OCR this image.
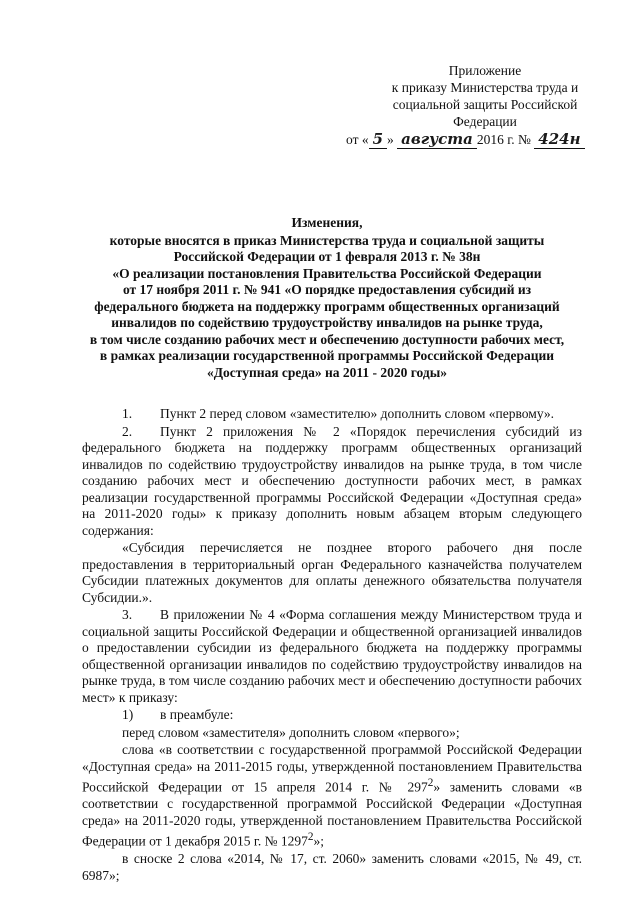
Приложение
к приказу Министерства труда и
социальной защиты Российской
Федерации
от « 5 » августа 2016 г. № 424н
Изменения,
которые вносятся в приказ Министерства труда и социальной защиты
Российской Федерации от 1 февраля 2013 г. № 38н
«О реализации постановления Правительства Российской Федерации
от 17 ноября 2011 г. № 941 «О порядке предоставления субсидий из
федерального бюджета на поддержку программ общественных организаций
инвалидов по содействию трудоустройству инвалидов на рынке труда,
в том числе созданию рабочих мест и обеспечению доступности рабочих мест,
в рамках реализации государственной программы Российской Федерации
«Доступная среда» на 2011 - 2020 годы»

1. Пункт 2 перед словом «заместителю» дополнить словом «первому».

2. Пункт 2 приложения № 2 «Порядок перечисления субсидий из федерального бюджета на поддержку программ общественных организаций инвалидов по содействию трудоустройству инвалидов на рынке труда, в том числе созданию рабочих мест и обеспечению доступности рабочих мест, в рамках реализации государственной программы Российской Федерации «Доступная среда» на 2011-2020 годы» к приказу дополнить новым абзацем вторым следующего содержания:

«Субсидия перечисляется не позднее второго рабочего дня после предоставления в территориальный орган Федерального казначейства получателем Субсидии платежных документов для оплаты денежного обязательства получателя Субсидии.».

3. В приложении № 4 «Форма соглашения между Министерством труда и социальной защиты Российской Федерации и общественной организацией инвалидов о предоставлении субсидии из федерального бюджета на поддержку программы общественной организации инвалидов по содействию трудоустройству инвалидов на рынке труда, в том числе созданию рабочих мест и обеспечению доступности рабочих мест» к приказу:

1) в преамбуле:

перед словом «заместителя» дополнить словом «первого»;

слова «в соответствии с государственной программой Российской Федерации «Доступная среда» на 2011-2015 годы, утвержденной постановлением Правительства Российской Федерации от 15 апреля 2014 г. № $297^2$» заменить словами «в соответствии с государственной программой Российской Федерации «Доступная среда» на 2011-2020 годы, утвержденной постановлением Правительства Российской Федерации от 1 декабря 2015 г. № 1297$^2$»;

в сноске 2 слова «2014, № 17, ст. 2060» заменить словами «2015, № 49, ст. 6987»;
